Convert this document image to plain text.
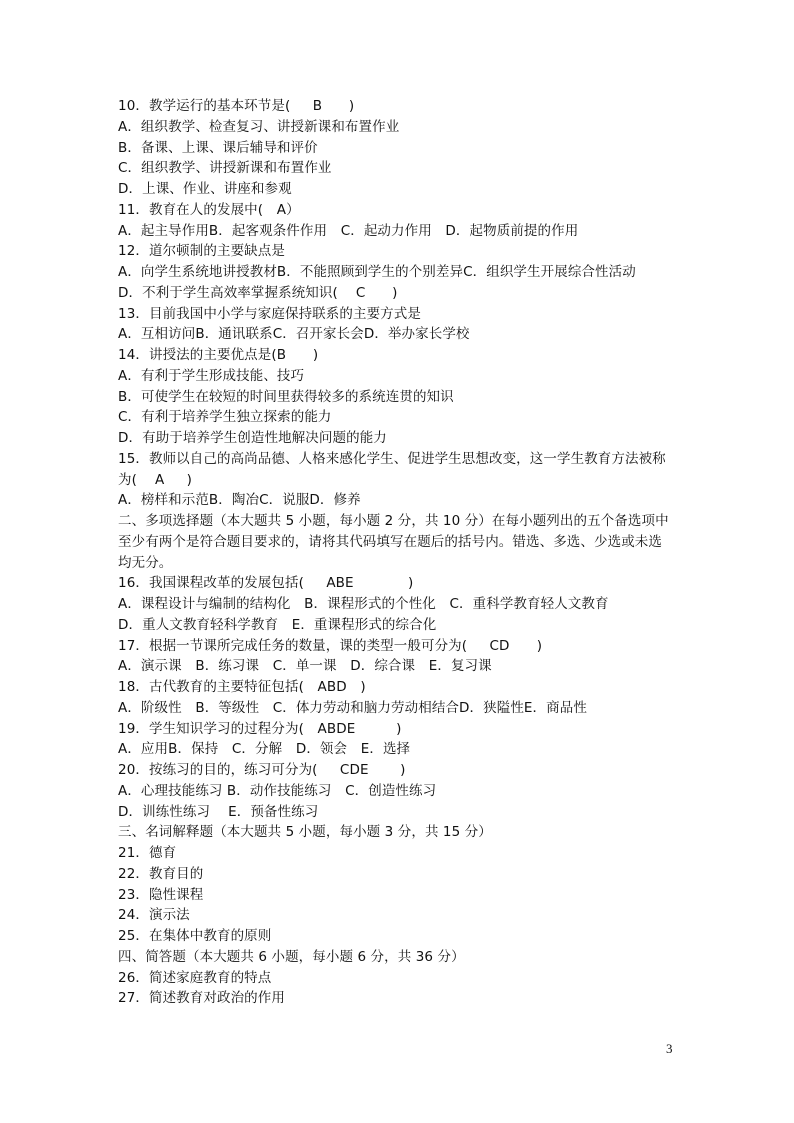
10．教学运行的基本环节是(　  B　   )
A．组织教学、检查复习、讲授新课和布置作业
B．备课、上课、课后辅导和评价
C．组织教学、讲授新课和布置作业
D．上课、作业、讲座和参观
11．教育在人的发展中(　A）
A．起主导作用B．起客观条件作用　C．起动力作用　D．起物质前提的作用
12．道尔顿制的主要缺点是
A．向学生系统地讲授教材B．不能照顾到学生的个别差异C．组织学生开展综合性活动
D．不利于学生高效率掌握系统知识(　 C　   )
13．目前我国中小学与家庭保持联系的主要方式是
A．互相访问B．通讯联系C．召开家长会D．举办家长学校
14．讲授法的主要优点是(B　   )
A．有利于学生形成技能、技巧
B．可使学生在较短的时间里获得较多的系统连贯的知识
C．有利于培养学生独立探索的能力
D．有助于培养学生创造性地解决问题的能力
15．教师以自己的高尚品德、人格来感化学生、促进学生思想改变，这一学生教育方法被称
为(　 A　  )
A．榜样和示范B．陶冶C．说服D．修养
二、多项选择题（本大题共 5 小题，每小题 2 分，共 10 分）在每小题列出的五个备选项中
至少有两个是符合题目要求的，请将其代码填写在题后的括号内。错选、多选、少选或未选
均无分。
16．我国课程改革的发展包括(　  ABE　　　　)
A．课程设计与编制的结构化　B．课程形式的个性化　C．重科学教育轻人文教育
D．重人文教育轻科学教育　E．重课程形式的综合化
17．根据一节课所完成任务的数量，课的类型一般可分为(　  CD　　)
A．演示课　B．练习课　C．单一课　D．综合课　E．复习课
18．古代教育的主要特征包括(　ABD　)
A．阶级性　B．等级性　C．体力劳动和脑力劳动相结合D．狭隘性E．商品性
19．学生知识学习的过程分为(　ABDE　　　)
A．应用B．保持　C．分解　D．领会　E．选择
20．按练习的目的，练习可分为(　  CDE　　 )
A．心理技能练习 B．动作技能练习　C．创造性练习
D．训练性练习　 E．预备性练习
三、名词解释题（本大题共 5 小题，每小题 3 分，共 15 分）
21．德育
22．教育目的
23．隐性课程
24．演示法
25．在集体中教育的原则
四、简答题（本大题共 6 小题，每小题 6 分，共 36 分）
26．简述家庭教育的特点
27．简述教育对政治的作用
3
